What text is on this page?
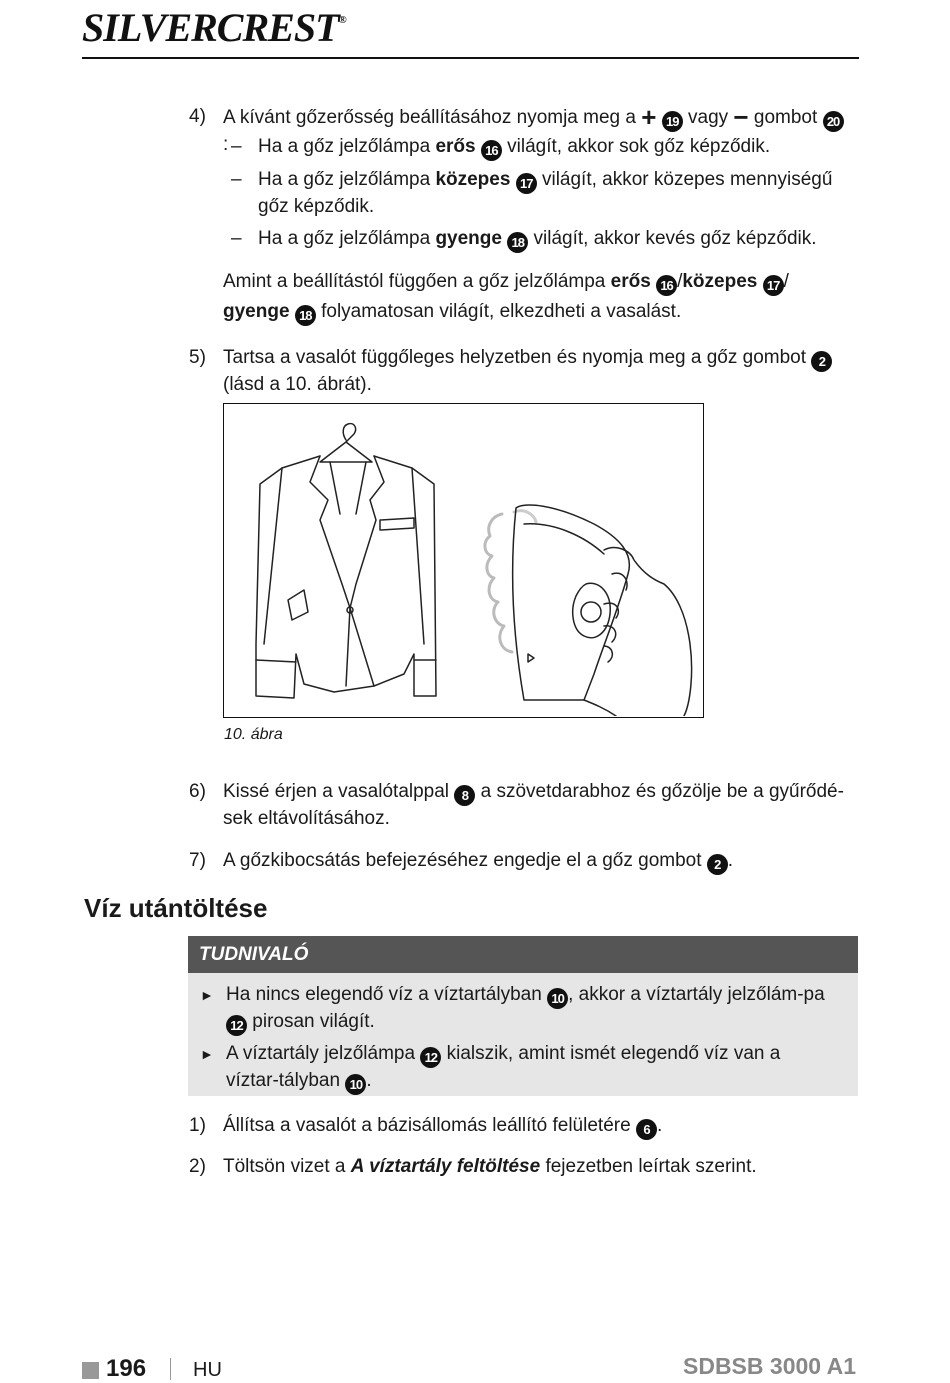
SILVERCREST®
4) A kívánt gőzerősség beállításához nyomja meg a + 19 vagy − gombot 20: – Ha a gőz jelzőlámpa erős 16 világít, akkor sok gőz képződik.
– Ha a gőz jelzőlámpa közepes 17 világít, akkor közepes mennyiségű gőz képződik.
– Ha a gőz jelzőlámpa gyenge 18 világít, akkor kevés gőz képződik.
Amint a beállítástól függően a gőz jelzőlámpa erős 16 /közepes 17 / gyenge 18 folyamatosan világít, elkezdheti a vasalást.
5) Tartsa a vasalót függőleges helyzetben és nyomja meg a gőz gombot 2
(lásd a 10. ábrát).
10. ábra
6) Kissé érjen a vasalótalppal 8 a szövetdarabhoz és gőzölje be a gyűrődé-sek eltávolításához.
7) A gőzkibocsátás befejezéséhez engedje el a gőz gombot 2 .
Víz utántöltése
TUDNIVALÓ
► Ha nincs elegendő víz a víztartályban 10 , akkor a víztartály jelzőlám-pa 12 pirosan világít.
► A víztartály jelzőlámpa 12 kialszik, amint ismét elegendő víz van a víztar-tályban 10 .
1) Állítsa a vasalót a bázisállomás leállító felületére 6 .
2) Töltsön vizet a A víztartály feltöltése fejezetben leírtak szerint.
196 HU	SDBSB 3000 A1
